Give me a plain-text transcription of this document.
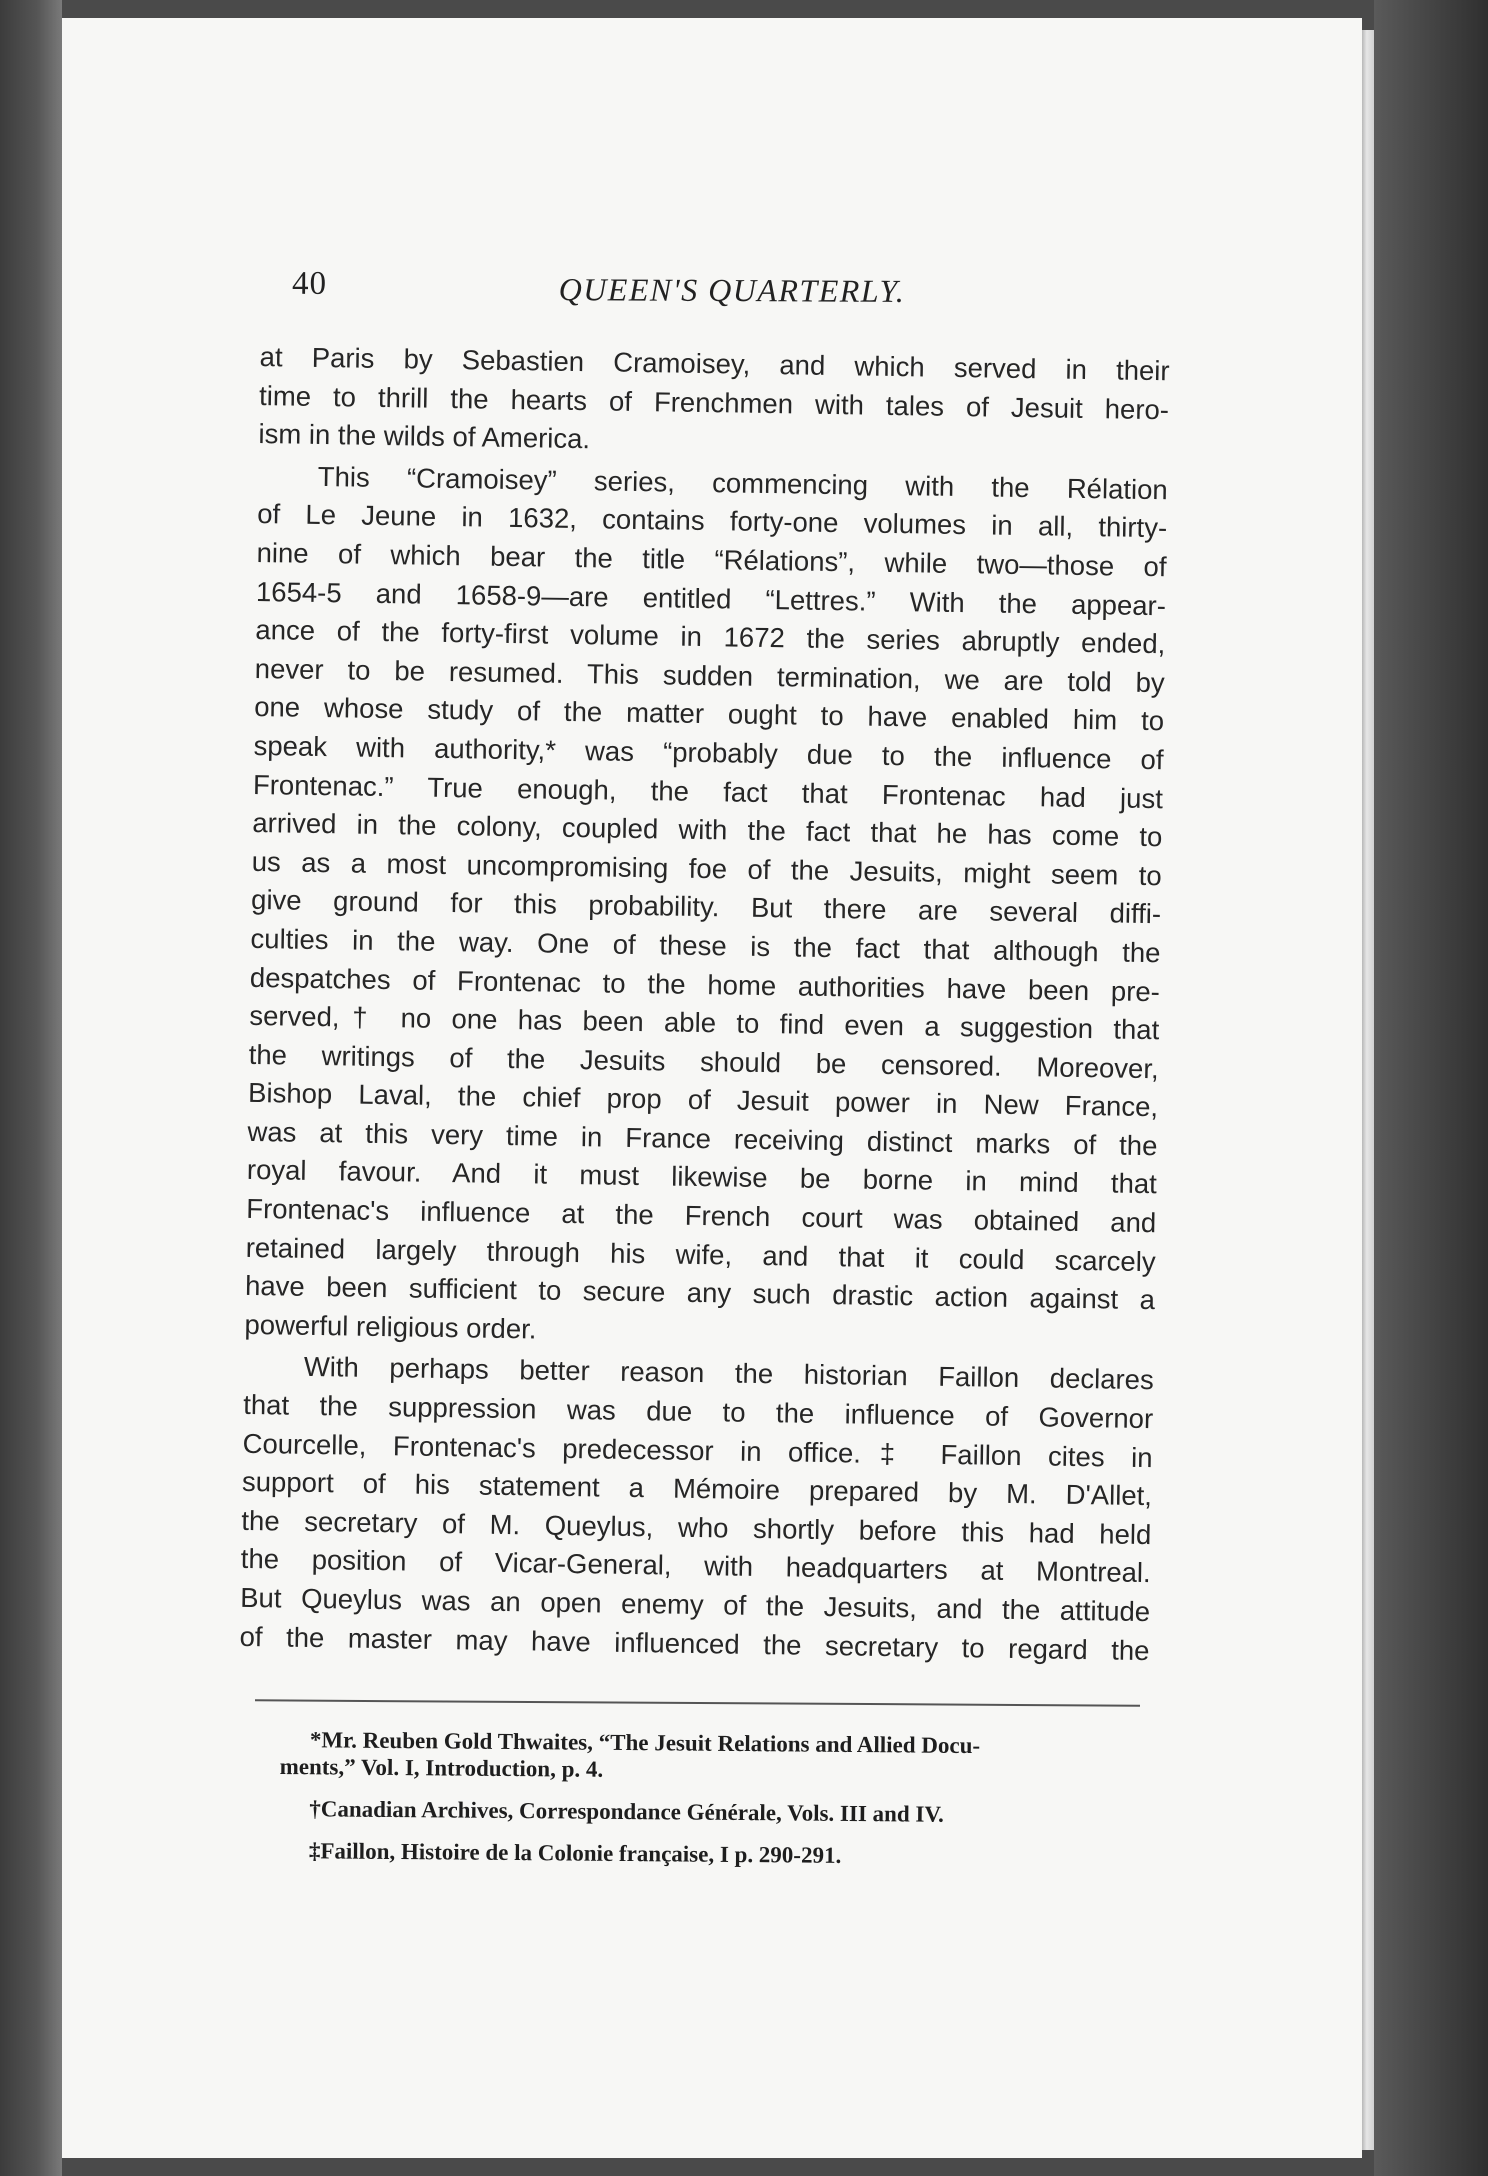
40	QUEEN'S QUARTERLY.

at Paris by Sebastien Cramoisey, and which served in their

time to thrill the hearts of Frenchmen with tales of Jesuit hero-

ism in the wilds of America.

This “Cramoisey” series, commencing with the Rélation

of Le Jeune in 1632, contains forty-one volumes in all, thirty-

nine of which bear the title “Rélations”, while two—those of

1654-5 and 1658-9—are entitled “Lettres.” With the appear-

ance of the forty-first volume in 1672 the series abruptly ended,

never to be resumed. This sudden termination, we are told by

one whose study of the matter ought to have enabled him to

speak with authority,* was “probably due to the influence of

Frontenac.” True enough, the fact that Frontenac had just

arrived in the colony, coupled with the fact that he has come to

us as a most uncompromising foe of the Jesuits, might seem to

give ground for this probability. But there are several diffi-

culties in the way. One of these is the fact that although the

despatches of Frontenac to the home authorities have been pre-

served,† no one has been able to find even a suggestion that

the writings of the Jesuits should be censored. Moreover,

Bishop Laval, the chief prop of Jesuit power in New France,

was at this very time in France receiving distinct marks of the

royal favour. And it must likewise be borne in mind that

Frontenac's influence at the French court was obtained and

retained largely through his wife, and that it could scarcely

have been sufficient to secure any such drastic action against a

powerful religious order.

With perhaps better reason the historian Faillon declares

that the suppression was due to the influence of Governor

Courcelle, Frontenac's predecessor in office.‡ Faillon cites in

support of his statement a Mémoire prepared by M. D'Allet,

the secretary of M. Queylus, who shortly before this had held

the position of Vicar-General, with headquarters at Montreal.

But Queylus was an open enemy of the Jesuits, and the attitude

of the master may have influenced the secretary to regard the

*Mr. Reuben Gold Thwaites, “The Jesuit Relations and Allied Docu-
ments,” Vol. I, Introduction, p. 4.

†Canadian Archives, Correspondance Générale, Vols. III and IV.

‡Faillon, Histoire de la Colonie française, I p. 290-291.
